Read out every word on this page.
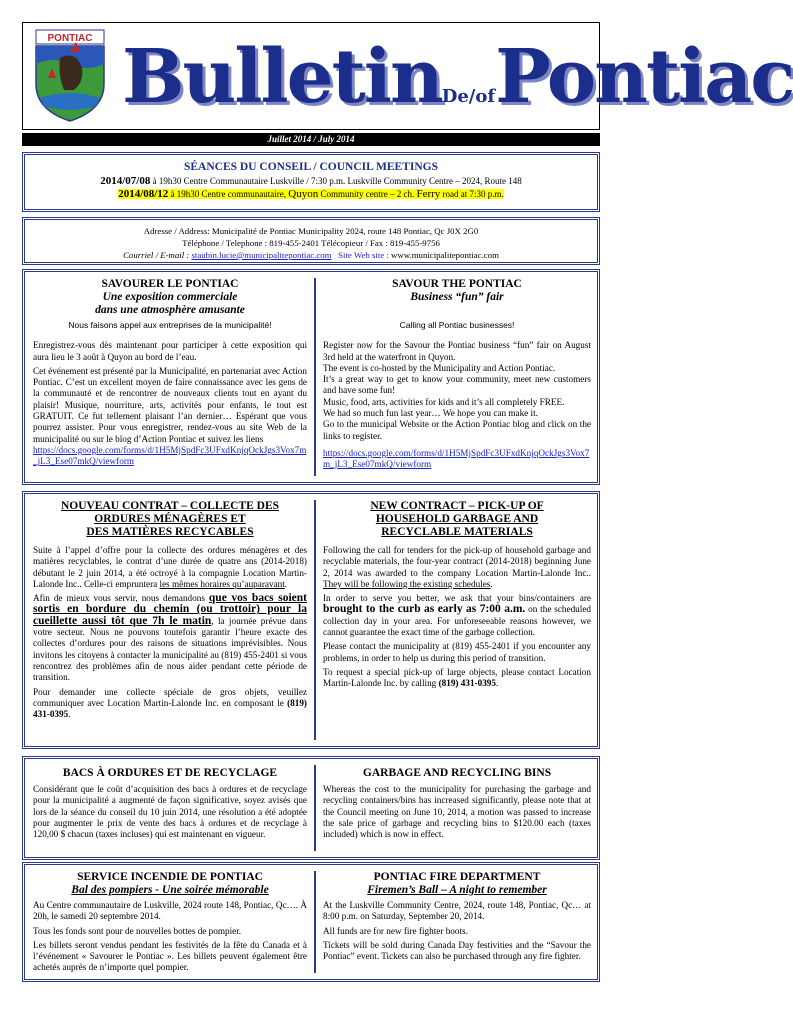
PONTIAC BulletinDe/ofPontiac
Juillet 2014 / July 2014
SÉANCES DU CONSEIL / COUNCIL MEETINGS
2014/07/08 à 19h30 Centre Communautaire Luskville / 7:30 p.m. Luskville Community Centre – 2024, Route 148
2014/08/12 à 19h30 Centre communautaire, Quyon Community centre – 2 ch. Ferry road at 7:30 p.m.
Adresse / Address: Municipalité de Pontiac Municipality 2024, route 148 Pontiac, Qc J0X 2G0
Téléphone / Telephone : 819-455-2401 Télécopieur / Fax : 819-455-9756
Courriel / E-mail : staubin.lucie@municipalitepontiac.com Site Web site : www.municipalitepontiac.com
SAVOURER LE PONTIAC
Une exposition commerciale
dans une atmosphère amusante
Nous faisons appel aux entreprises de la municipalité!

Enregistrez-vous dès maintenant pour participer à cette exposition qui aura lieu le 3 août à Quyon au bord de l’eau.

Cet événement est présenté par la Municipalité, en partenariat avec Action Pontiac. C’est un excellent moyen de faire connaissance avec les gens de la communauté et de rencontrer de nouveaux clients tout en ayant du plaisir! Musique, nourriture, arts, activités pour enfants, le tout est GRATUIT. Ce fut tellement plaisant l’an dernier… Espérant que vous pourrez assister. Pour vous enregistrer, rendez-vous au site Web de la municipalité ou sur le blog d’Action Pontiac et suivez les liens

https://docs.google.com/forms/d/1H5MjSpdFc3UFxdKnjqOckJgs3Vox7m_jL3_Ese07mkQ/viewform
SAVOUR THE PONTIAC
Business “fun” fair
Calling all Pontiac businesses!
Register now for the Savour the Pontiac business “fun” fair on August 3rd held at the waterfront in Quyon.
The event is co-hosted by the Municipality and Action Pontiac.
It’s a great way to get to know your community, meet new customers and have some fun!
Music, food, arts, activities for kids and it’s all completely FREE.
We had so much fun last year… We hope you can make it.

Go to the municipal Website or the Action Pontiac blog and click on the links to register.

https://docs.google.com/forms/d/1H5MjSpdFc3UFxdKnjqOckJgs3Vox7m_jL3_Ese07mkQ/viewform
NOUVEAU CONTRAT – COLLECTE DES
ORDURES MÉNAGÈRES ET
DES MATIÈRES RECYCABLES

Suite à l’appel d’offre pour la collecte des ordures ménagères et des matières recyclables, le contrat d’une durée de quatre ans (2014-2018) débutant le 2 juin 2014, a été octroyé à la compagnie Location Martin-Lalonde Inc.. Celle-ci empruntera les mêmes horaires qu’auparavant.

Afin de mieux vous servir, nous demandons que vos bacs soient sortis en bordure du chemin (ou trottoir) pour la cueillette aussi tôt que 7h le matin, la journée prévue dans votre secteur. Nous ne pouvons toutefois garantir l’heure exacte des collectes d’ordures pour des raisons de situations imprévisibles. Nous invitons les citoyens à contacter la municipalité au (819) 455-2401 si vous rencontrez des problèmes afin de nous aider pendant cette période de transition.

Pour demander une collecte spéciale de gros objets, veuillez communiquer avec Location Martin-Lalonde Inc. en composant le (819) 431-0395.

NEW CONTRACT – PICK-UP OF
HOUSEHOLD GARBAGE AND
RECYCLABLE MATERIALS

Following the call for tenders for the pick-up of household garbage and recyclable materials, the four-year contract (2014-2018) beginning June 2, 2014 was awarded to the company Location Martin-Lalonde Inc.. They will be following the existing schedules.

In order to serve you better, we ask that your bins/containers are brought to the curb as early as 7:00 a.m. on the scheduled collection day in your area. For unforeseeable reasons however, we cannot guarantee the exact time of the garbage collection.

Please contact the municipality at (819) 455-2401 if you encounter any problems, in order to help us during this period of transition.

To request a special pick-up of large objects, please contact Location Martin-Lalonde Inc. by calling (819) 431-0395.

BACS À ORDURES ET DE RECYCLAGE
Considérant que le coût d’acquisition des bacs à ordures et de recyclage pour la municipalité a augmenté de façon significative, soyez avisés que lors de la séance du conseil du 10 juin 2014, une résolution a été adoptée pour augmenter le prix de vente des bacs à ordures et de recyclage à 120,00 $ chacun (taxes incluses) qui est maintenant en vigueur.
GARBAGE AND RECYCLING BINS
Whereas the cost to the municipality for purchasing the garbage and recycling containers/bins has increased significantly, please note that at the Council meeting on June 10, 2014, a motion was passed to increase the sale price of garbage and recycling bins to $120.00 each (taxes included) which is now in effect.
SERVICE INCENDIE DE PONTIAC
Bal des pompiers - Une soirée mémorable

Au Centre communautaire de Luskville, 2024 route 148, Pontiac, Qc…. À 20h, le samedi 20 septembre 2014.

Tous les fonds sont pour de nouvelles bottes de pompier.

Les billets seront vendus pendant les festivités de la fête du Canada et à l’événement « Savourer le Pontiac ». Les billets peuvent également être achetés auprès de n’importe quel pompier.

PONTIAC FIRE DEPARTMENT
Firemen’s Ball – A night to remember

At the Luskville Community Centre, 2024, route 148, Pontiac, Qc… at 8:00 p.m. on Saturday, September 20, 2014.

All funds are for new fire fighter boots.

Tickets will be sold during Canada Day festivities and the “Savour the Pontiac” event. Tickets can also be purchased through any fire fighter.
